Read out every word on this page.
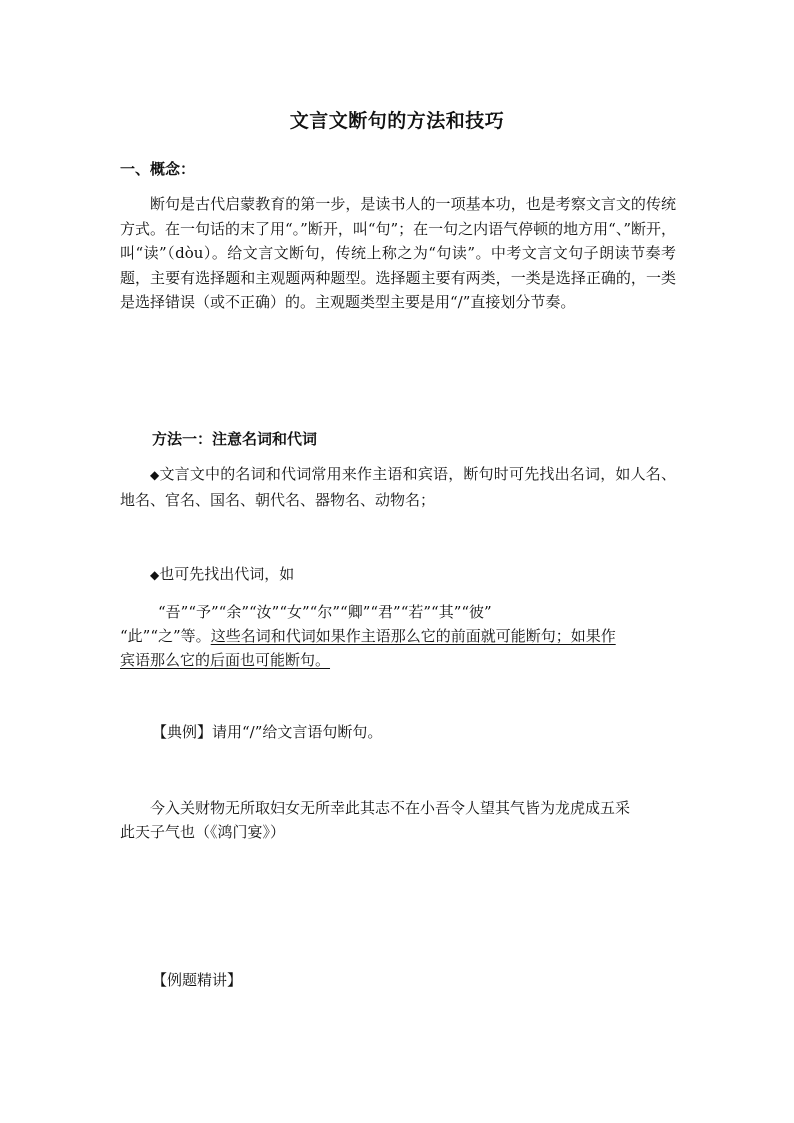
文言文断句的方法和技巧
一、概念：
断句是古代启蒙教育的第一步，是读书人的一项基本功，也是考察文言文的传统方式。在一句话的末了用“。”断开，叫“句”；在一句之内语气停顿的地方用“、”断开，叫“读”（dòu）。给文言文断句，传统上称之为“句读”。中考文言文句子朗读节奏考题，主要有选择题和主观题两种题型。选择题主要有两类，一类是选择正确的，一类是选择错误（或不正确）的。主观题类型主要是用“/”直接划分节奏。
方法一：注意名词和代词
◆文言文中的名词和代词常用来作主语和宾语，断句时可先找出名词，如人名、地名、官名、国名、朝代名、器物名、动物名；
◆也可先找出代词，如
“吾”“予”“余”“汝”“女”“尔”“卿”“君”“若”“其”“彼”
“此”“之”等。这些名词和代词如果作主语那么它的前面就可能断句；如果作
宾语那么它的后面也可能断句。
【典例】请用“/”给文言语句断句。
今入关财物无所取妇女无所幸此其志不在小吾令人望其气皆为龙虎成五采
此天子气也（《鸿门宴》）
【例题精讲】
